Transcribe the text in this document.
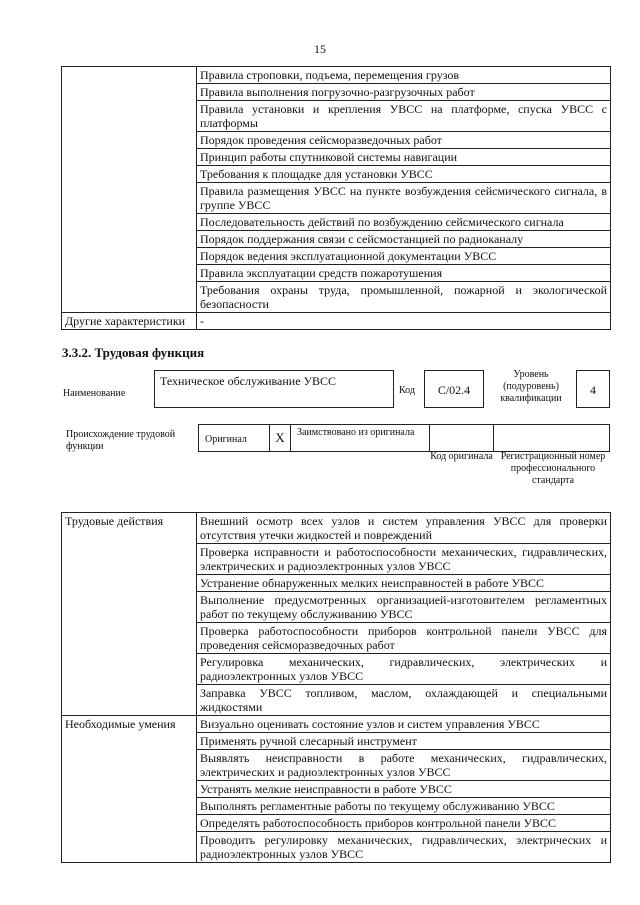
15
	Правила строповки, подъема, перемещения грузов
	Правила выполнения погрузочно-разгрузочных работ
	Правила установки и крепления УВСС на платформе, спуска УВСС с платформы
	Порядок проведения сейсморазведочных работ
	Принцип работы спутниковой системы навигации
	Требования к площадке для установки УВСС
	Правила размещения УВСС на пункте возбуждения сейсмического сигнала, в группе УВСС
	Последовательность действий по возбуждению сейсмического сигнала
	Порядок поддержания связи с сейсмостанцией по радиоканалу
	Порядок ведения эксплуатационной документации УВСС
	Правила эксплуатации средств пожаротушения
	Требования охраны труда, промышленной, пожарной и экологической безопасности
Другие характеристики	-
3.3.2. Трудовая функция
Наименование
Техническое обслуживание УВСС
Код	С/02.4
Уровень (подуровень) квалификации
4
Происхождение трудовой функции
Оригинал	X	Заимствовано из оригинала
Код оригинала Регистрационный номер профессионального стандарта
Трудовые действия	Внешний осмотр всех узлов и систем управления УВСС для проверки отсутствия утечки жидкостей и повреждений
	Проверка исправности и работоспособности механических, гидравлических, электрических и радиоэлектронных узлов УВСС
	Устранение обнаруженных мелких неисправностей в работе УВСС
	Выполнение предусмотренных организацией-изготовителем регламентных работ по текущему обслуживанию УВСС
	Проверка работоспособности приборов контрольной панели УВСС для проведения сейсморазведочных работ
	Регулировка механических, гидравлических, электрических и радиоэлектронных узлов УВСС
	Заправка УВСС топливом, маслом, охлаждающей и специальными жидкостями
Необходимые умения	Визуально оценивать состояние узлов и систем управления УВСС
	Применять ручной слесарный инструмент
	Выявлять неисправности в работе механических, гидравлических, электрических и радиоэлектронных узлов УВСС
	Устранять мелкие неисправности в работе УВСС
	Выполнять регламентные работы по текущему обслуживанию УВСС
	Определять работоспособность приборов контрольной панели УВСС
	Проводить регулировку механических, гидравлических, электрических и радиоэлектронных узлов УВСС
